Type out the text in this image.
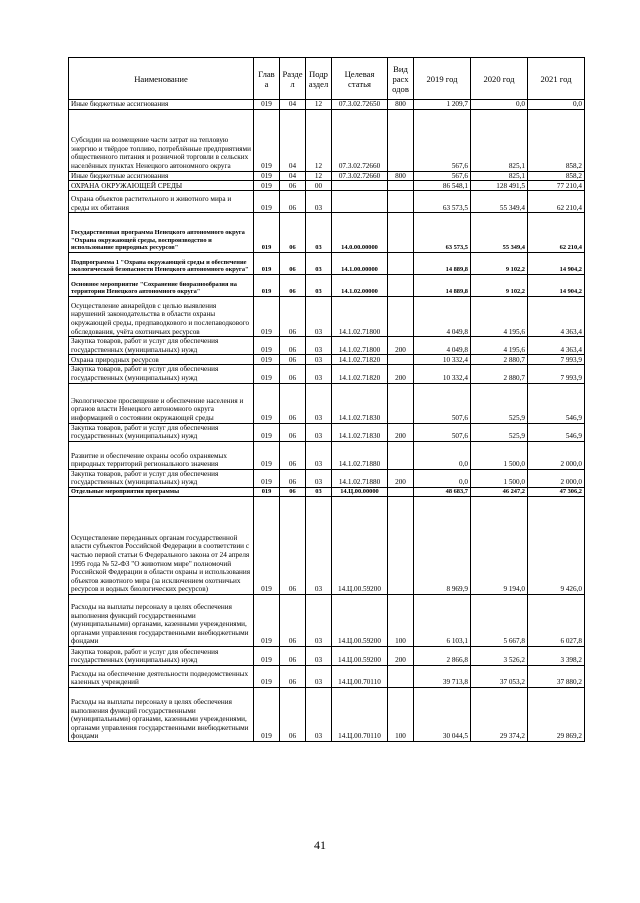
Наименование	Глав а	Разде л	Подр аздел	Целевая статья	Вид расх одов	2019 год	2020 год	2021 год
Иные бюджетные ассигнования	019	04	12	07.3.02.72650	800	1 209,7	0,0	0,0
Субсидии на возмещение части затрат на тепловую энергию и твёрдое топливо, потреблённые предприятиями общественного питания и розничной торговли в сельских населённых пунктах Ненецкого автономного округа	019	04	12	07.3.02.72660		567,6	825,1	858,2
Иные бюджетные ассигнования	019	04	12	07.3.02.72660	800	567,6	825,1	858,2
ОХРАНА ОКРУЖАЮЩЕЙ СРЕДЫ	019	06	00			86 548,1	128 491,5	77 210,4
Охрана объектов растительного и животного мира и среды их обитания	019	06	03			63 573,5	55 349,4	62 210,4
Государственная программа Ненецкого автономного округа "Охрана окружающей среды, воспроизводство и использование природных ресурсов"	019	06	03	14.0.00.00000		63 573,5	55 349,4	62 210,4
Подпрограмма 1 "Охрана окружающей среды и обеспечение экологической безопасности Ненецкого автономного округа"	019	06	03	14.1.00.00000		14 889,8	9 102,2	14 904,2
Основное мероприятие "Сохранение биоразнообразия на территории Ненецкого автономного округа"	019	06	03	14.1.02.00000		14 889,8	9 102,2	14 904,2
Осуществление авиарейдов с целью выявления нарушений законодательства в области охраны окружающей среды, предпаводкового и послепаводкового обследования, учёта охотничьих ресурсов	019	06	03	14.1.02.71800		4 049,8	4 195,6	4 363,4
Закупка товаров, работ и услуг для обеспечения государственных (муниципальных) нужд	019	06	03	14.1.02.71800	200	4 049,8	4 195,6	4 363,4
Охрана природных ресурсов	019	06	03	14.1.02.71820		10 332,4	2 880,7	7 993,9
Закупка товаров, работ и услуг для обеспечения государственных (муниципальных) нужд	019	06	03	14.1.02.71820	200	10 332,4	2 880,7	7 993,9
Экологическое просвещение и обеспечение населения и органов власти Ненецкого автономного округа информацией о состоянии окружающей среды	019	06	03	14.1.02.71830		507,6	525,9	546,9
Закупка товаров, работ и услуг для обеспечения государственных (муниципальных) нужд	019	06	03	14.1.02.71830	200	507,6	525,9	546,9
Развитие и обеспечение охраны особо охраняемых природных территорий регионального значения	019	06	03	14.1.02.71880		0,0	1 500,0	2 000,0
Закупка товаров, работ и услуг для обеспечения государственных (муниципальных) нужд	019	06	03	14.1.02.71880	200	0,0	1 500,0	2 000,0
Отдельные мероприятия программы	019	06	03	14.Ц.00.00000		48 683,7	46 247,2	47 306,2
Осуществление переданных органам государственной власти субъектов Российской Федерации в соответствии с частью первой статьи 6 Федерального закона от 24 апреля 1995 года № 52-ФЗ "О животном мире" полномочий Российской Федерации в области охраны и использования объектов животного мира (за исключением охотничьих ресурсов и водных биологических ресурсов)	019	06	03	14.Ц.00.59200		8 969,9	9 194,0	9 426,0
Расходы на выплаты персоналу в целях обеспечения выполнения функций государственными (муниципальными) органами, казенными учреждениями, органами управления государственными внебюджетными фондами	019	06	03	14.Ц.00.59200	100	6 103,1	5 667,8	6 027,8
Закупка товаров, работ и услуг для обеспечения государственных (муниципальных) нужд	019	06	03	14.Ц.00.59200	200	2 866,8	3 526,2	3 398,2
Расходы на обеспечение деятельности подведомственных казенных учреждений	019	06	03	14.Ц.00.70110		39 713,8	37 053,2	37 880,2
Расходы на выплаты персоналу в целях обеспечения выполнения функций государственными (муниципальными) органами, казенными учреждениями, органами управления государственными внебюджетными фондами	019	06	03	14.Ц.00.70110	100	30 044,5	29 374,2	29 869,2
41
